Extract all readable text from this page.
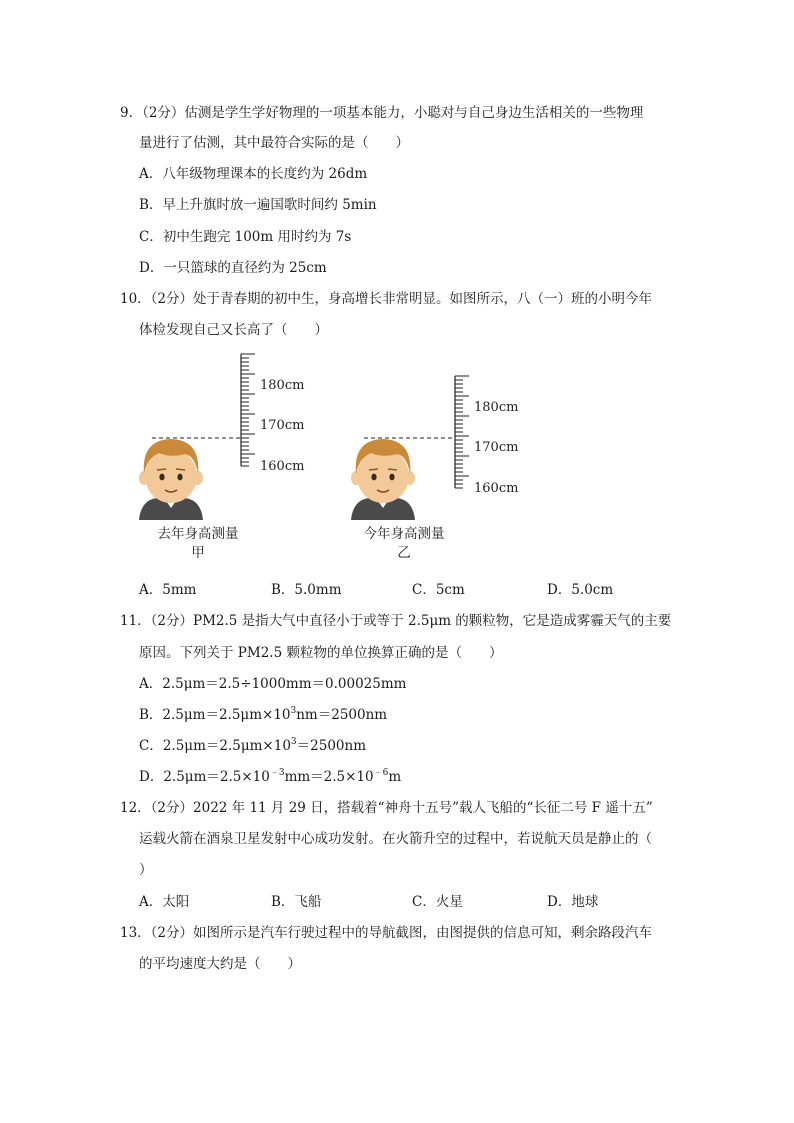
9．（2分）估测是学生学好物理的一项基本能力，小聪对与自己身边生活相关的一些物理
量进行了估测，其中最符合实际的是（　　）
A．八年级物理课本的长度约为 26dm
B．早上升旗时放一遍国歌时间约 5min
C．初中生跑完 100m 用时约为 7s
D．一只篮球的直径约为 25cm
10．（2分）处于青春期的初中生，身高增长非常明显。如图所示，八（一）班的小明今年
体检发现自己又长高了（　　）
180cm
170cm
160cm
180cm
170cm
160cm
去年身高测量
甲
今年身高测量
乙
A．5mm	B．5.0mm	C．5cm	D．5.0cm
11．（2分）PM2.5 是指大气中直径小于或等于 2.5μm 的颗粒物，它是造成雾霾天气的主要
原因。下列关于 PM2.5 颗粒物的单位换算正确的是（　　）
A．2.5μm＝2.5÷1000mm＝0.00025mm
B．$2.5\mu m=2.5\mu m\times 10^3nm=2500nm$
C．$2.5\mu m=2.5\mu m\times 10^3=2500nm$
D．$2.5\mu m=2.5\times 10^{﹣3}mm=2.5\times 10^{﹣6}m$
12．（2分）2022 年 11 月 29 日，搭载着“神舟十五号”载人飞船的“长征二号 F 遥十五”
运载火箭在酒泉卫星发射中心成功发射。在火箭升空的过程中，若说航天员是静止的（
）
A．太阳	B．飞船	C．火星	D．地球
13．（2分）如图所示是汽车行驶过程中的导航截图，由图提供的信息可知，剩余路段汽车
的平均速度大约是（　　）
